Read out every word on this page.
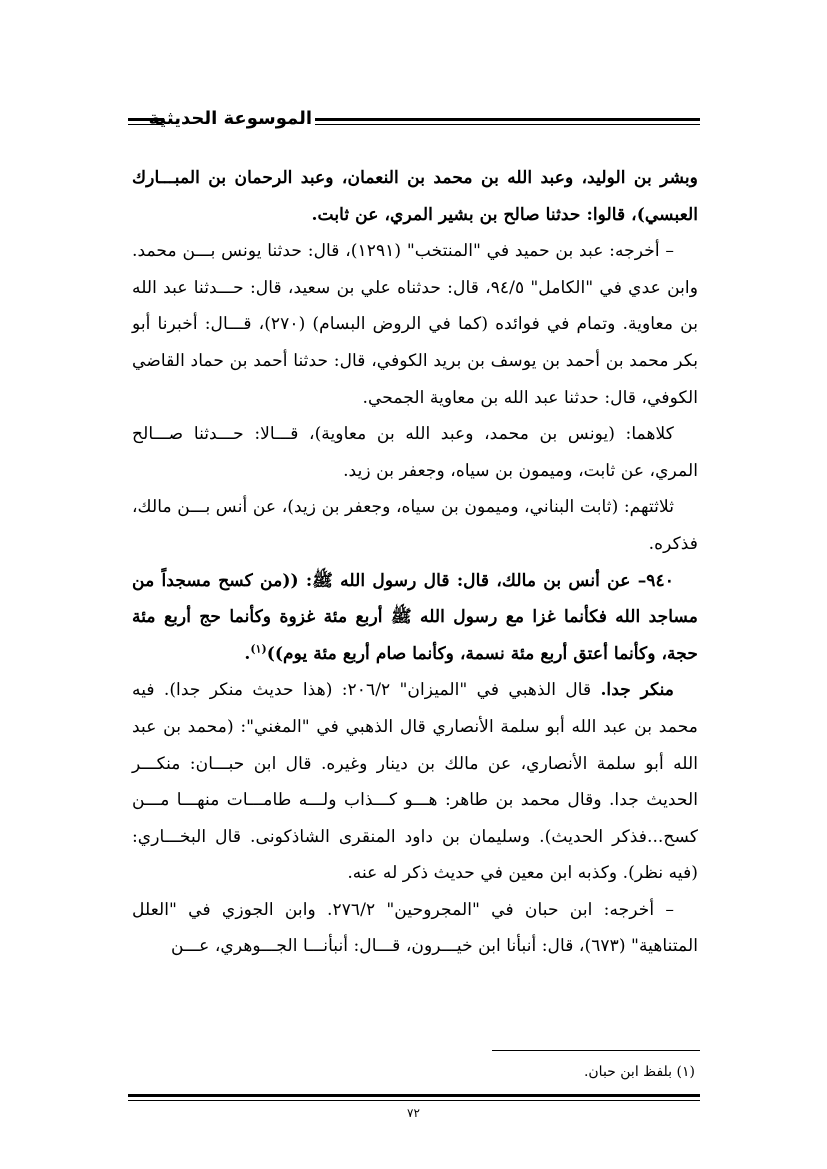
الموسوعة الحديثية

وبشر بن الوليد، وعبد الله بن محمد بن النعمان، وعبد الرحمان بن المبـــارك العبسي)، قالوا: حدثنا صالح بن بشير المري، عن ثابت.

– أخرجه: عبد بن حميد في "المنتخب" (١٢٩١)، قال: حدثنا يونس بـــن محمد. وابن عدي في "الكامل" ٩٤/٥، قال: حدثناه علي بن سعيد، قال: حـــدثنا عبد الله بن معاوية. وتمام في فوائده (كما في الروض البسام) (٢٧٠)، قـــال: أخبرنا أبو بكر محمد بن أحمد بن يوسف بن بريد الكوفي، قال: حدثنا أحمد بن حماد القاضي الكوفي، قال: حدثنا عبد الله بن معاوية الجمحي.

كلاهما: (يونس بن محمد، وعبد الله بن معاوية)، قـــالا: حـــدثنا صـــالح المري، عن ثابت، وميمون بن سياه، وجعفر بن زيد.

ثلاثتهم: (ثابت البناني، وميمون بن سياه، وجعفر بن زيد)، عن أنس بـــن مالك، فذكره.

٩٤٠– عن أنس بن مالك، قال: قال رسول الله ﷺ: ((من كسح مسجداً من مساجد الله فكأنما غزا مع رسول الله ﷺ أربع مئة غزوة وكأنما حج أربع مئة حجة، وكأنما أعتق أربع مئة نسمة، وكأنما صام أربع مئة يوم))$^{(١)}$.

منكر جدا. قال الذهبي في "الميزان" ٢٠٦/٢: (هذا حديث منكر جدا). فيه محمد بن عبد الله أبو سلمة الأنصاري قال الذهبي في "المغني": (محمد بن عبد الله أبو سلمة الأنصاري، عن مالك بن دينار وغيره. قال ابن حبـــان: منكـــر الحديث جدا. وقال محمد بن طاهر: هـــو كـــذاب ولـــه طامـــات منهـــا مـــن كسح...فذكر الحديث). وسليمان بن داود المنقرى الشاذكونى. قال البخـــاري: (فيه نظر). وكذبه ابن معين في حديث ذكر له عنه.

– أخرجه: ابن حبان في "المجروحين" ٢٧٦/٢. وابن الجوزي في "العلل المتناهية" (٦٧٣)، قال: أنبأنا ابن خيـــرون، قـــال: أنبأنـــا الجـــوهري، عـــن

(١) بلفظ ابن حبان.
٧٢
